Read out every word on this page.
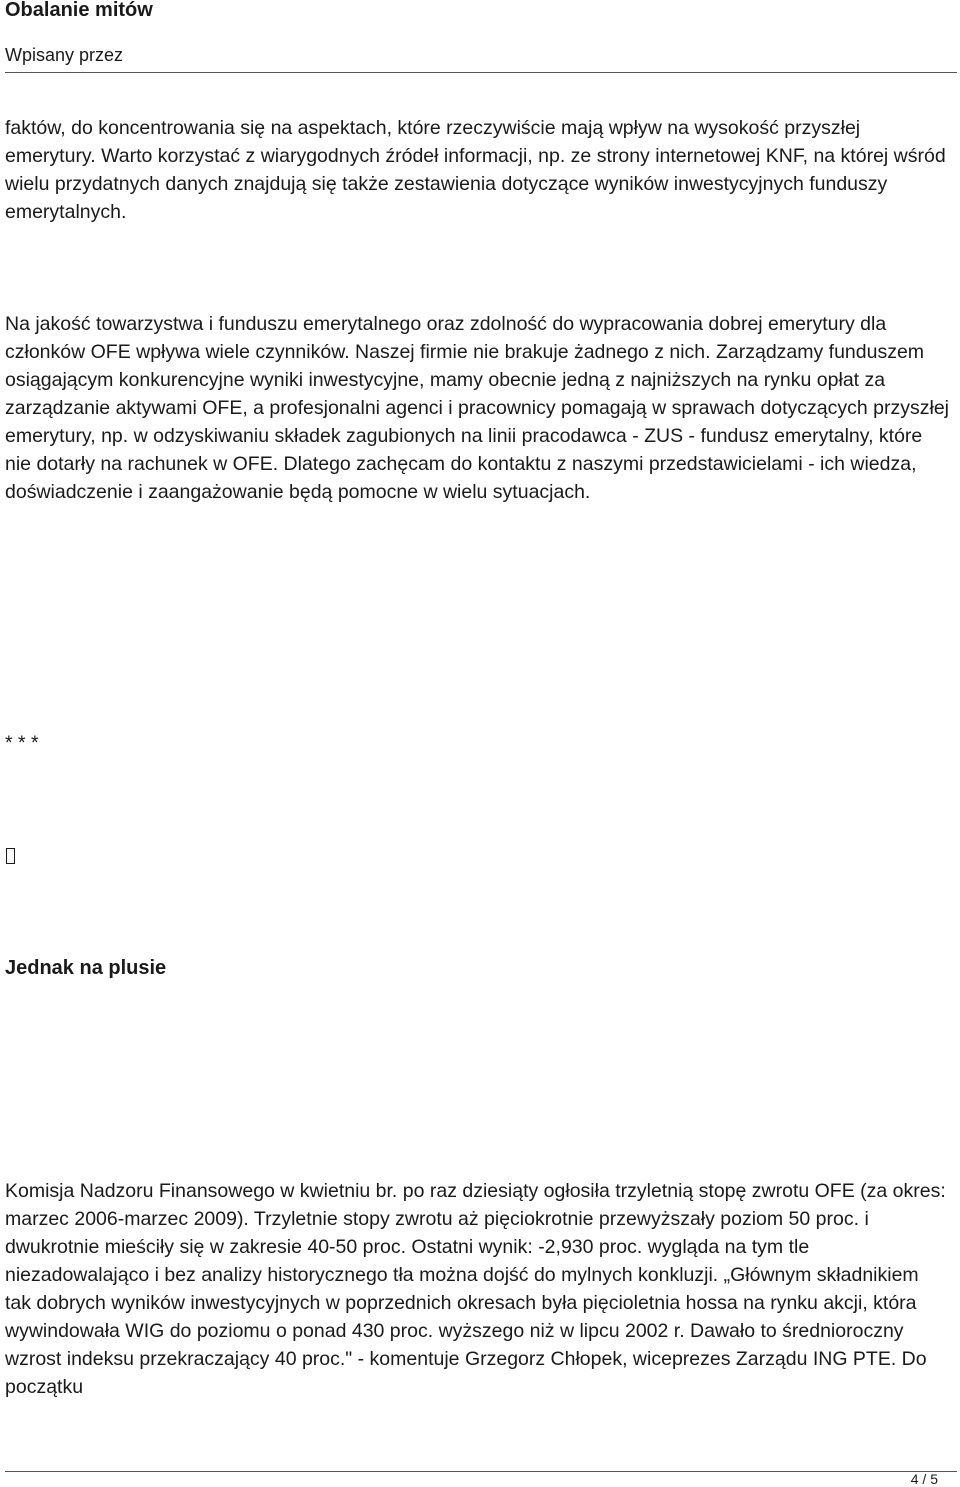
Obalanie mitów
Wpisany przez

faktów, do koncentrowania się na aspektach, które rzeczywiście mają wpływ na wysokość przyszłej emerytury. Warto korzystać z wiarygodnych źródeł informacji, np. ze strony internetowej KNF, na której wśród wielu przydatnych danych znajdują się także zestawienia dotyczące wyników inwestycyjnych funduszy emerytalnych.

Na jakość towarzystwa i funduszu emerytalnego oraz zdolność do wypracowania dobrej emerytury dla członków OFE wpływa wiele czynników. Naszej firmie nie brakuje żadnego z nich. Zarządzamy funduszem osiągającym konkurencyjne wyniki inwestycyjne, mamy obecnie jedną z najniższych na rynku opłat za zarządzanie aktywami OFE, a profesjonalni agenci i pracownicy pomagają w sprawach dotyczących przyszłej emerytury, np. w odzyskiwaniu składek zagubionych na linii pracodawca - ZUS - fundusz emerytalny, które nie dotarły na rachunek w OFE. Dlatego zachęcam do kontaktu z naszymi przedstawicielami - ich wiedza, doświadczenie i zaangażowanie będą pomocne w wielu sytuacjach.

* * *
Jednak na plusie

Komisja Nadzoru Finansowego w kwietniu br. po raz dziesiąty ogłosiła trzyletnią stopę zwrotu OFE (za okres: marzec 2006-marzec 2009). Trzyletnie stopy zwrotu aż pięciokrotnie przewyższały poziom 50 proc. i dwukrotnie mieściły się w zakresie 40-50 proc. Ostatni wynik: -2,930 proc. wygląda na tym tle niezadowalająco i bez analizy historycznego tła można dojść do mylnych konkluzji. „Głównym składnikiem tak dobrych wyników inwestycyjnych w poprzednich okresach była pięcioletnia hossa na rynku akcji, która wywindowała WIG do poziomu o ponad 430 proc. wyższego niż w lipcu 2002 r. Dawało to średnioroczny wzrost indeksu przekraczający 40 proc." - komentuje Grzegorz Chłopek, wiceprezes Zarządu ING PTE. Do początku

4 / 5
